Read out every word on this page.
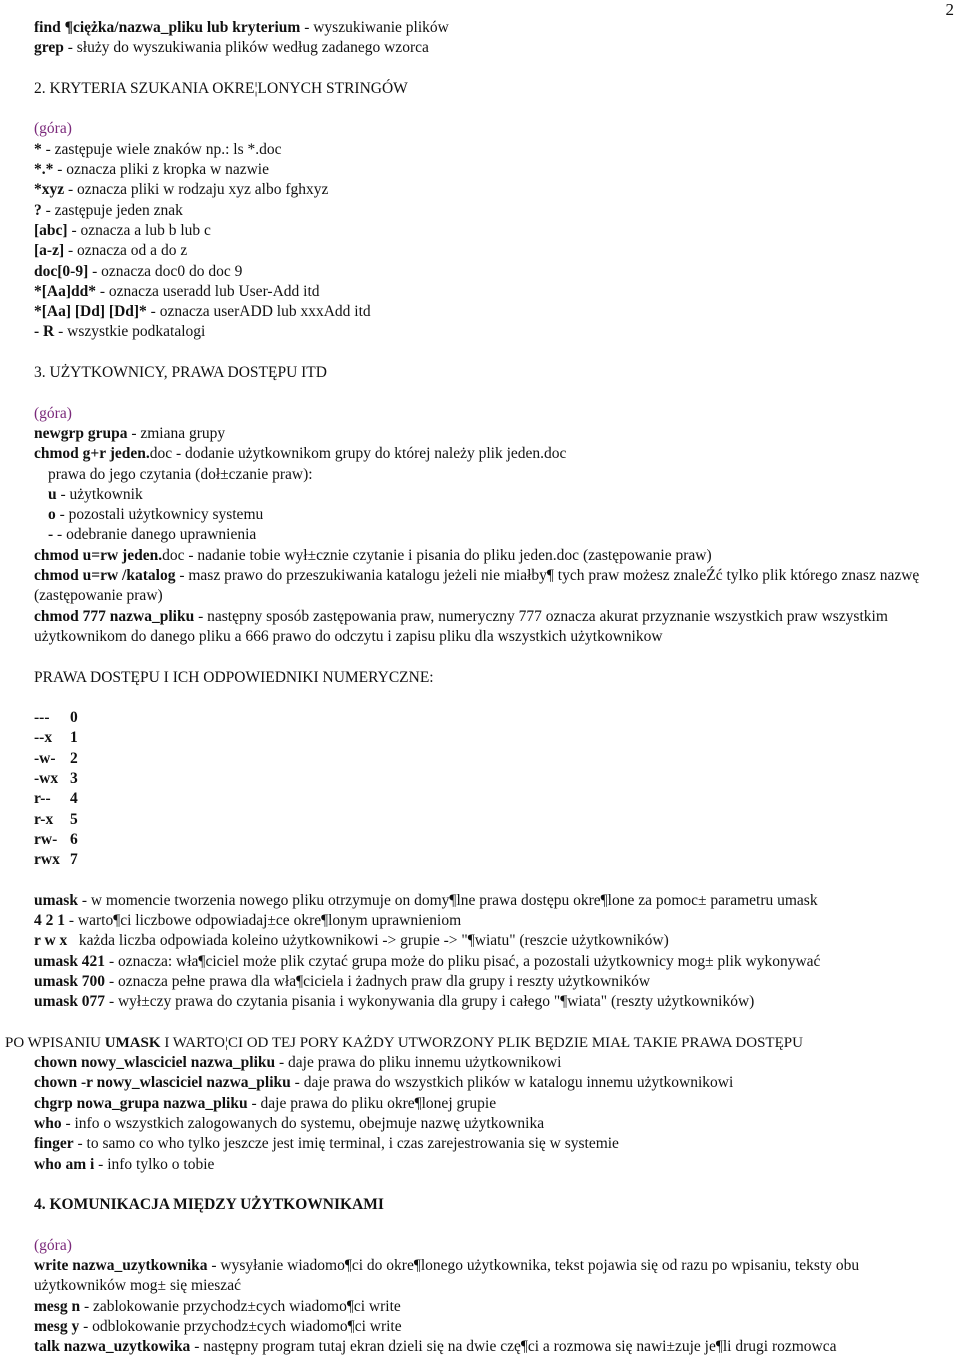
2
find ¶ciężka/nazwa_pliku lub kryterium - wyszukiwanie plików
grep - służy do wyszukiwania plików według zadanego wzorca
2. KRYTERIA SZUKANIA OKRE¦LONYCH STRINGÓW
(góra)
* - zastępuje wiele znaków np.: ls *.doc
*.* - oznacza pliki z kropka w nazwie
*xyz - oznacza pliki w rodzaju xyz albo fghxyz
? - zastępuje jeden znak
[abc] - oznacza a lub b lub c
[a-z] - oznacza od a do z
doc[0-9] - oznacza doc0 do doc 9
*[Aa]dd* - oznacza useradd lub User-Add itd
*[Aa] [Dd] [Dd]* - oznacza userADD lub xxxAdd itd
- R - wszystkie podkatalogi
3. UŻYTKOWNICY, PRAWA DOSTĘPU ITD
(góra)
newgrp grupa - zmiana grupy
chmod g+r jeden.doc - dodanie użytkownikom grupy do której należy plik jeden.doc
prawa do jego czytania (doł±czanie praw):
u - użytkownik
o - pozostali użytkownicy systemu
- - odebranie danego uprawnienia
chmod u=rw jeden.doc - nadanie tobie wył±cznie czytanie i pisania do pliku jeden.doc (zastępowanie praw)
chmod u=rw /katalog - masz prawo do przeszukiwania katalogu jeżeli nie miałby¶ tych praw możesz znaleŹć tylko plik którego znasz nazwę (zastępowanie praw)
chmod 777 nazwa_pliku - następny sposób zastępowania praw, numeryczny 777 oznacza akurat przyznanie wszystkich praw wszystkim użytkownikom do danego pliku a 666 prawo do odczytu i zapisu pliku dla wszystkich użytkownikow
PRAWA DOSTĘPU I ICH ODPOWIEDNIKI NUMERYCZNE:
--- 0
--x 1
-w- 2
-wx 3
r-- 4
r-x 5
rw- 6
rwx 7
umask - w momencie tworzenia nowego pliku otrzymuje on domy¶lne prawa dostępu okre¶lone za pomoc± parametru umask
4 2 1 - warto¶ci liczbowe odpowiadaj±ce okre¶lonym uprawnieniom
r w x   każda liczba odpowiada koleino użytkownikowi -> grupie -> "¶wiatu" (reszcie użytkowników)
umask 421 - oznacza: wła¶ciciel może plik czytać grupa może do pliku pisać, a pozostali użytkownicy mog± plik wykonywać
umask 700 - oznacza pełne prawa dla wła¶ciciela i żadnych praw dla grupy i reszty użytkowników
umask 077 - wył±czy prawa do czytania pisania i wykonywania dla grupy i całego "¶wiata" (reszty użytkowników)
PO WPISANIU UMASK I WARTO¦CI OD TEJ PORY KAŻDY UTWORZONY PLIK BĘDZIE MIAŁ TAKIE PRAWA DOSTĘPU
chown nowy_wlasciciel nazwa_pliku - daje prawa do pliku innemu użytkownikowi
chown -r nowy_wlasciciel nazwa_pliku - daje prawa do wszystkich plików w katalogu innemu użytkownikowi
chgrp nowa_grupa nazwa_pliku - daje prawa do pliku okre¶lonej grupie
who - info o wszystkich zalogowanych do systemu, obejmuje nazwę użytkownika
finger - to samo co who tylko jeszcze jest imię terminal, i czas zarejestrowania się w systemie
who am i - info tylko o tobie
4. KOMUNIKACJA MIĘDZY UŻYTKOWNIKAMI
(góra)
write nazwa_uzytkownika - wysyłanie wiadomo¶ci do okre¶lonego użytkownika, tekst pojawia się od razu po wpisaniu, teksty obu użytkowników mog± się mieszać
mesg n - zablokowanie przychodz±cych wiadomo¶ci write
mesg y - odblokowanie przychodz±cych wiadomo¶ci write
talk nazwa_uzytkowika - następny program tutaj ekran dzieli się na dwie czę¶ci a rozmowa się nawi±zuje je¶li drugi rozmowca
